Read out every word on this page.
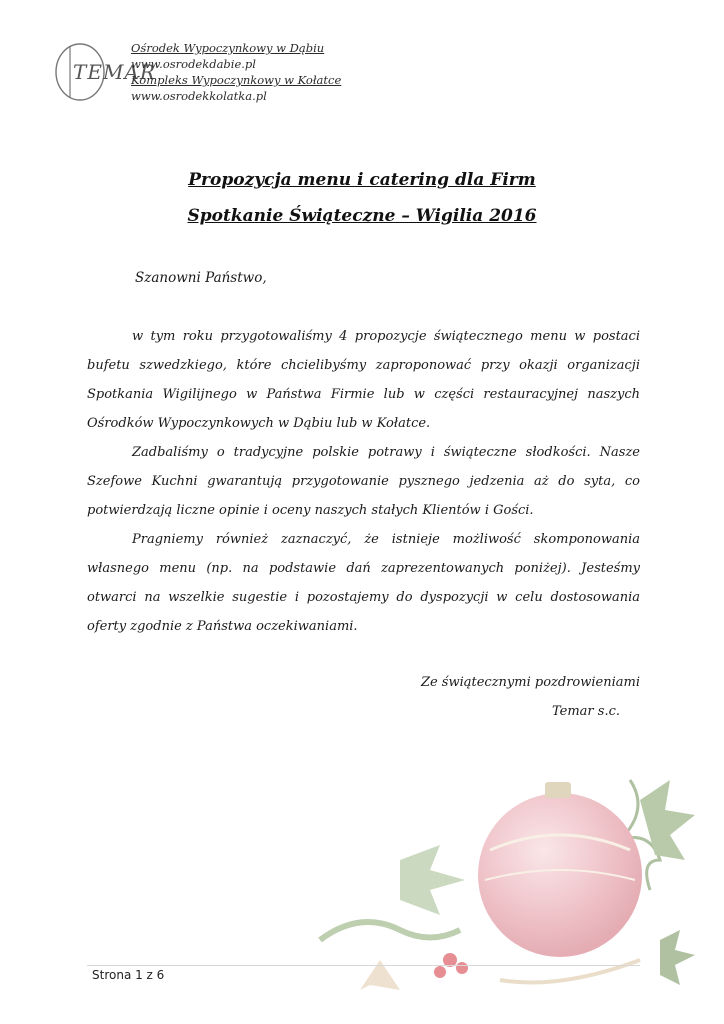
TEMAR
Ośrodek Wypoczynkowy w Dąbiu
www.osrodekdabie.pl
Kompleks Wypoczynkowy w Kołatce
www.osrodekkolatka.pl
Propozycja menu i catering dla Firm
Spotkanie Świąteczne – Wigilia 2016
Szanowni Państwo,

w tym roku przygotowaliśmy 4 propozycje świątecznego menu w postaci bufetu szwedzkiego, które chcielibyśmy zaproponować przy okazji organizacji Spotkania Wigilijnego w Państwa Firmie lub w części restauracyjnej naszych Ośrodków Wypoczynkowych w Dąbiu lub w Kołatce.

Zadbaliśmy o tradycyjne polskie potrawy i świąteczne słodkości. Nasze Szefowe Kuchni gwarantują przygotowanie pysznego jedzenia aż do syta, co potwierdzają liczne opinie i oceny naszych stałych Klientów i Gości.

Pragniemy również zaznaczyć, że istnieje możliwość skomponowania własnego menu (np. na podstawie dań zaprezentowanych poniżej). Jesteśmy otwarci na wszelkie sugestie i pozostajemy do dyspozycji w celu dostosowania oferty zgodnie z Państwa oczekiwaniami.

Ze świątecznymi pozdrowieniami
Temar s.c.
Strona 1 z 6
